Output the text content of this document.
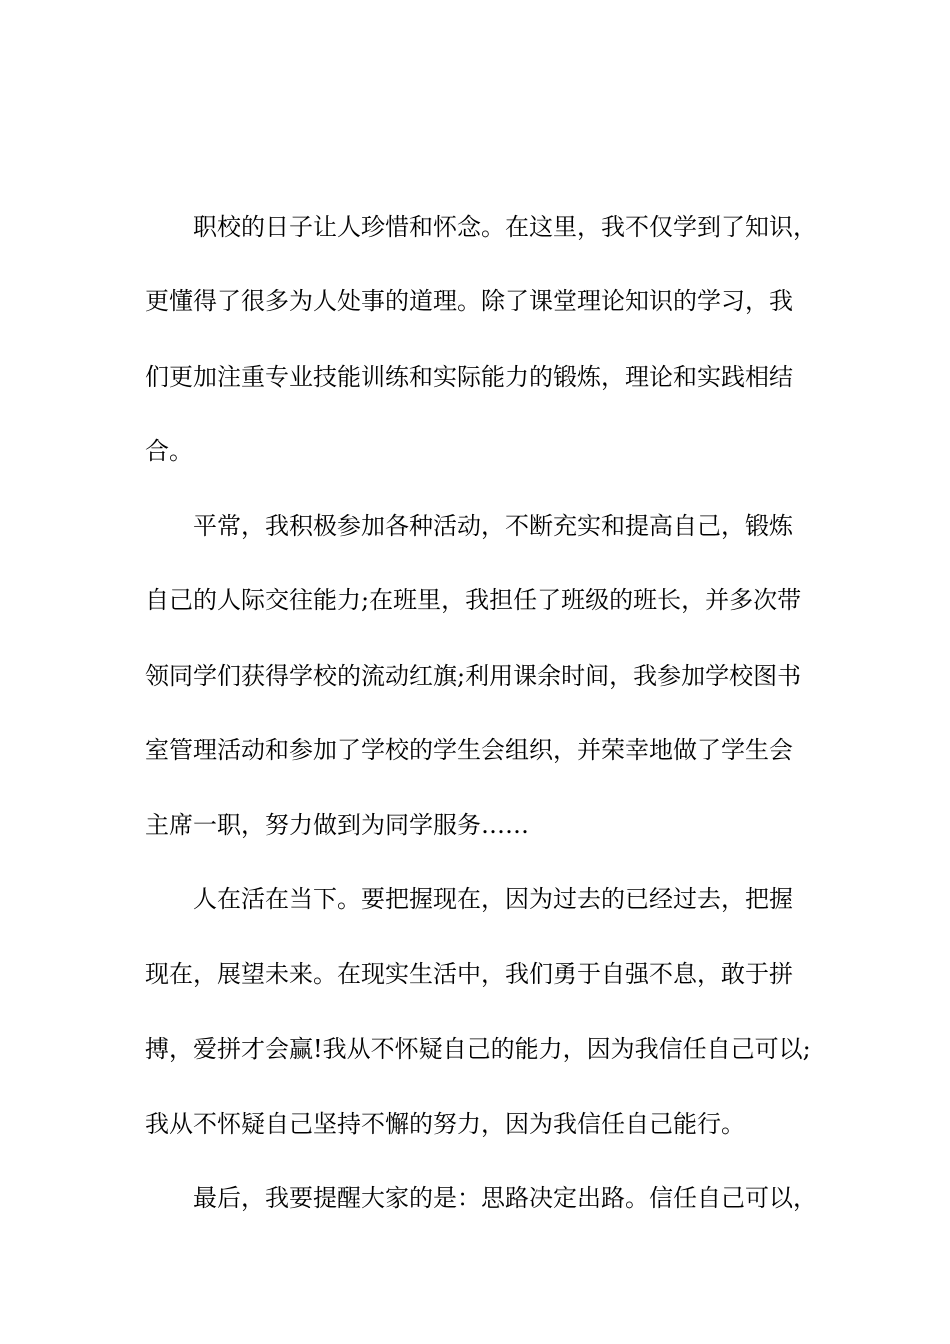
职校的日子让人珍惜和怀念。在这里，我不仅学到了知识，
更懂得了很多为人处事的道理。除了课堂理论知识的学习，我
们更加注重专业技能训练和实际能力的锻炼，理论和实践相结
合。
平常，我积极参加各种活动，不断充实和提高自己，锻炼
自己的人际交往能力;在班里，我担任了班级的班长，并多次带
领同学们获得学校的流动红旗;利用课余时间，我参加学校图书
室管理活动和参加了学校的学生会组织，并荣幸地做了学生会
主席一职，努力做到为同学服务……
人在活在当下。要把握现在，因为过去的已经过去，把握
现在，展望未来。在现实生活中，我们勇于自强不息，敢于拼
搏，爱拼才会赢!我从不怀疑自己的能力，因为我信任自己可以;
我从不怀疑自己坚持不懈的努力，因为我信任自己能行。
最后，我要提醒大家的是：思路决定出路。信任自己可以，
